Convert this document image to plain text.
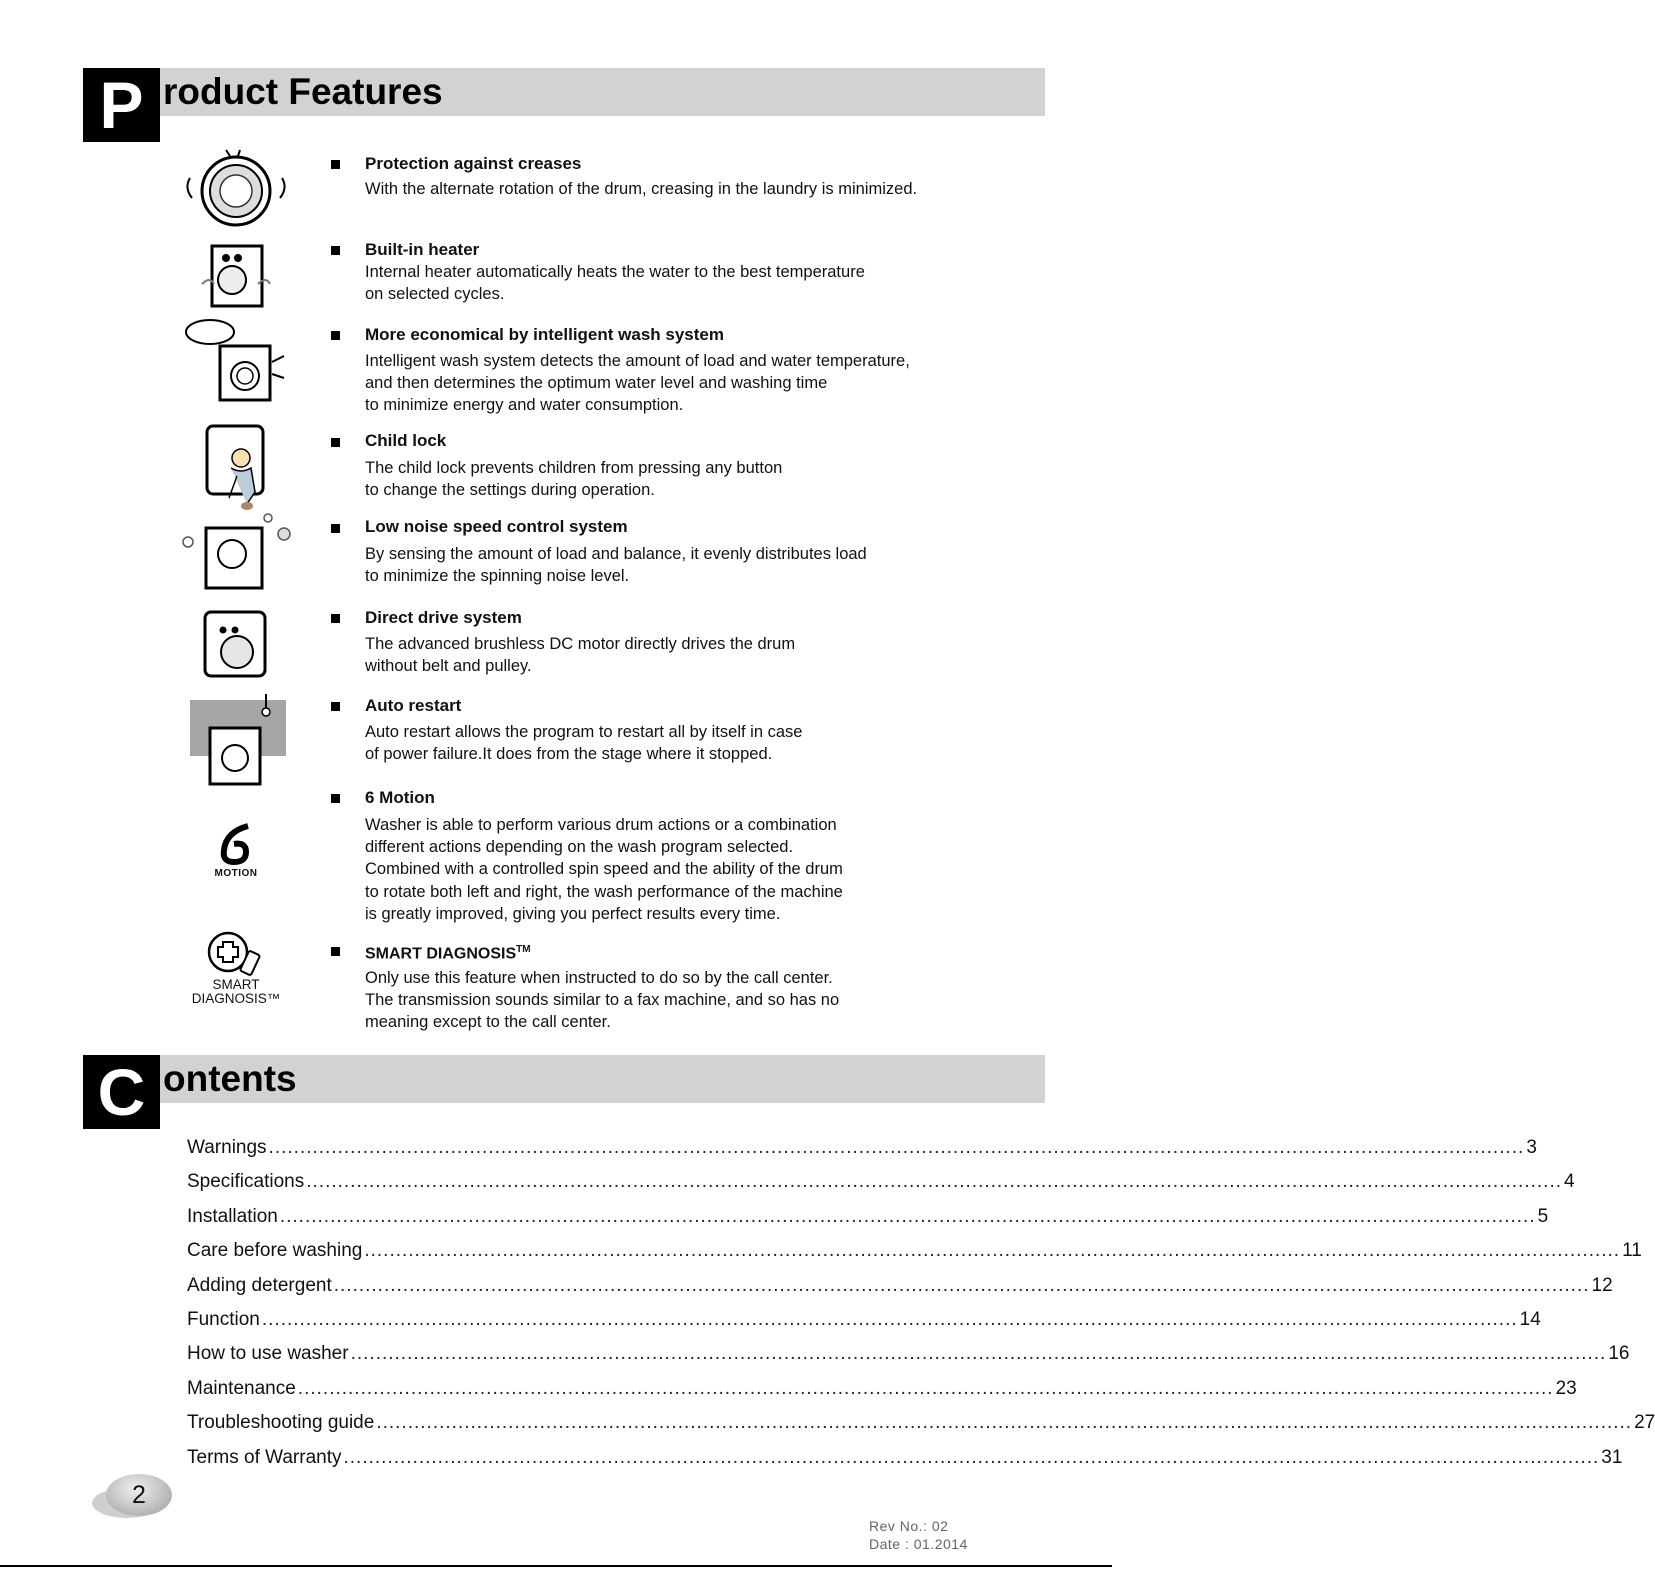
P roduct Features
Protection against creases
With the alternate rotation of the drum, creasing in the laundry is minimized.
Built-in heater
Internal heater automatically heats the water to the best temperature
on selected cycles.
More economical by intelligent wash system
Intelligent wash system detects the amount of load and water temperature,
and then determines the optimum water level and washing time
to minimize energy and water consumption.
Child lock
The child lock prevents children from pressing any button
to change the settings during operation.
Low noise speed control system
By sensing the amount of load and balance, it evenly distributes load
to minimize the spinning noise level.
Direct drive system
The advanced brushless DC motor directly drives the drum
without belt and pulley.
Auto restart
Auto restart allows the program to restart all by itself in case
of power failure.It does from the stage where it stopped.
MOTION
6 Motion
Washer is able to perform various drum actions or a combination
different actions depending on the wash program selected.
Combined with a controlled spin speed and the ability of the drum
to rotate both left and right, the wash performance of the machine
is greatly improved, giving you perfect results every time.
SMART
DIAGNOSIS™
SMART DIAGNOSIS™
Only use this feature when instructed to do so by the call center.
The transmission sounds similar to a fax machine, and so has no
meaning except to the call center.
C ontents
Warnings ........................................................................................................................................................................................................ 3
Specifications ........................................................................................................................................................................................................ 4
Installation ........................................................................................................................................................................................................ 5
Care before washing ........................................................................................................................................................................................................ 11
Adding detergent ........................................................................................................................................................................................................ 12
Function ........................................................................................................................................................................................................ 14
How to use washer ........................................................................................................................................................................................................ 16
Maintenance ........................................................................................................................................................................................................ 23
Troubleshooting guide ........................................................................................................................................................................................................ 27
Terms of Warranty ........................................................................................................................................................................................................ 31
2
Rev No.: 02
Date : 01.2014
